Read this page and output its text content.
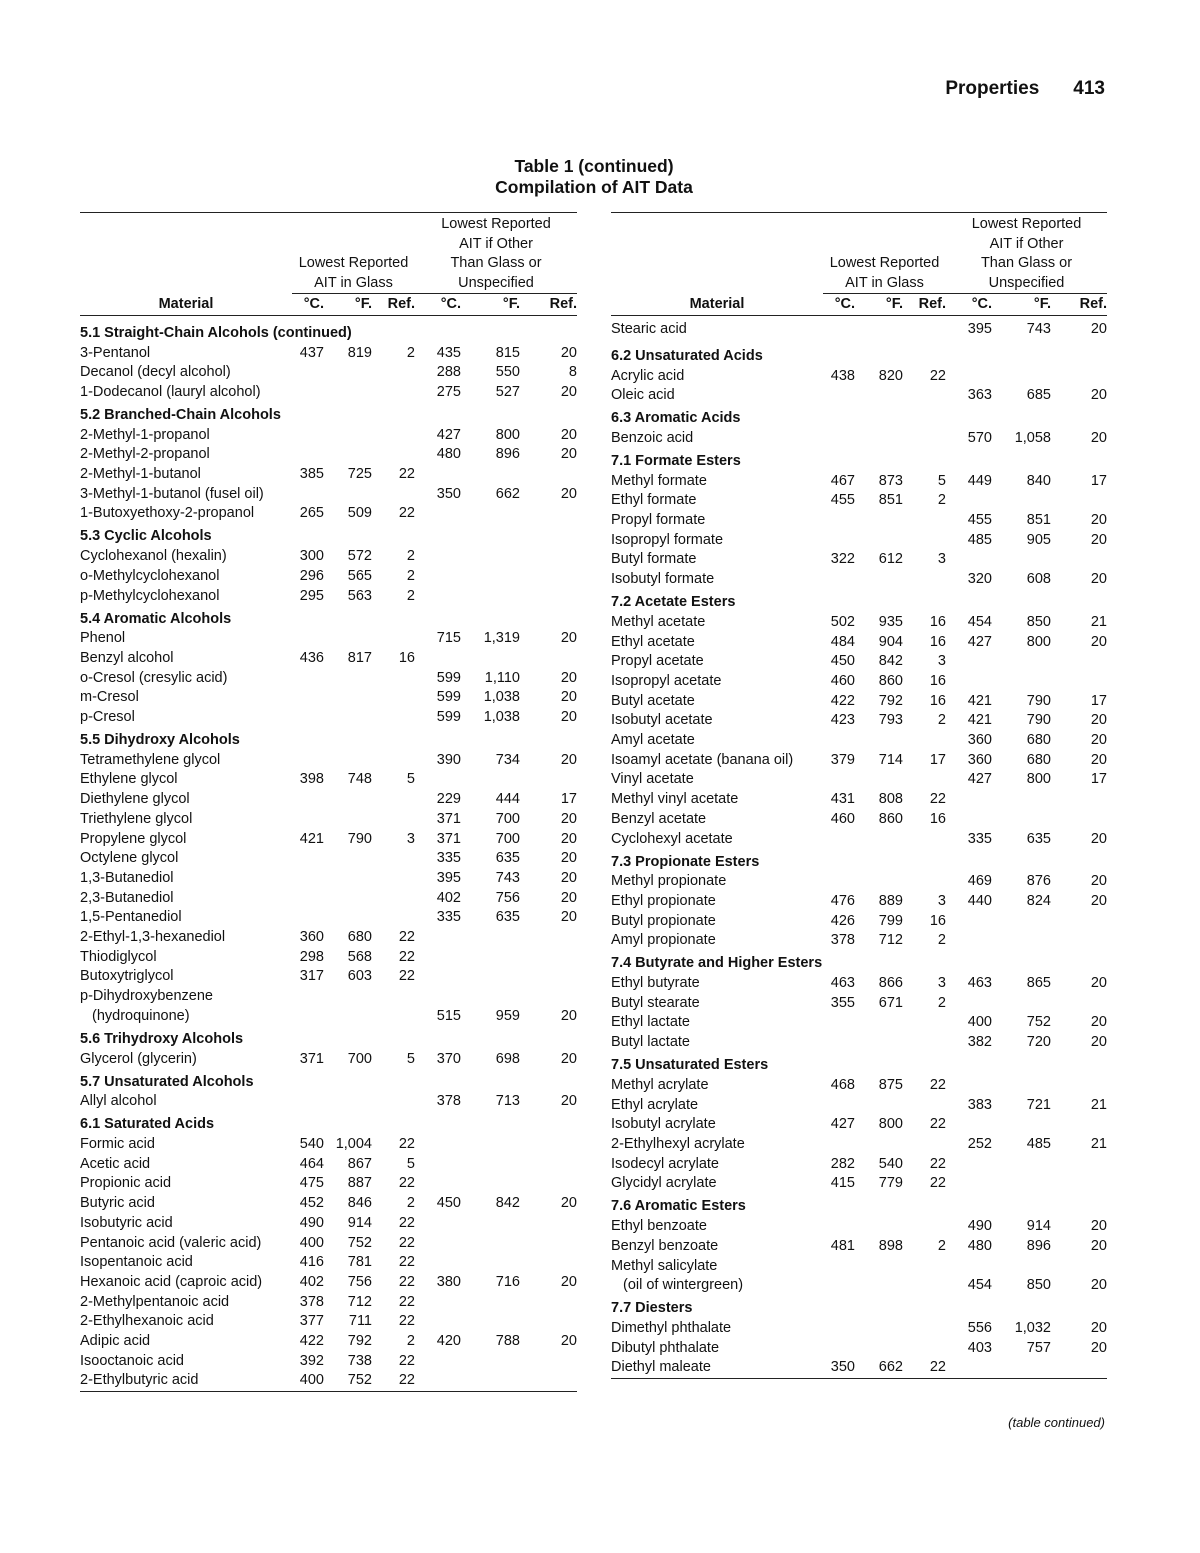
Properties 413
Table 1 (continued)
Compilation of AIT Data

				Lowest Reported		
				AIT if Other		
	Lowest Reported			Than Glass or		
	AIT in Glass			Unspecified		
Material	°C.	°F.	Ref.	°C.	°F.	Ref.
5.1 Straight-Chain Alcohols (continued)						
3-Pentanol	437	819	2	435	815	20
Decanol (decyl alcohol)				288	550	8
1-Dodecanol (lauryl alcohol)				275	527	20
5.2 Branched-Chain Alcohols						
2-Methyl-1-propanol				427	800	20
2-Methyl-2-propanol				480	896	20
2-Methyl-1-butanol	385	725	22			
3-Methyl-1-butanol (fusel oil)				350	662	20
1-Butoxyethoxy-2-propanol	265	509	22			
5.3 Cyclic Alcohols						
Cyclohexanol (hexalin)	300	572	2			
o-Methylcyclohexanol	296	565	2			
p-Methylcyclohexanol	295	563	2			
5.4 Aromatic Alcohols						
Phenol				715	1,319	20
Benzyl alcohol	436	817	16			
o-Cresol (cresylic acid)				599	1,110	20
m-Cresol				599	1,038	20
p-Cresol				599	1,038	20
5.5 Dihydroxy Alcohols						
Tetramethylene glycol				390	734	20
Ethylene glycol	398	748	5			
Diethylene glycol				229	444	17
Triethylene glycol				371	700	20
Propylene glycol	421	790	3	371	700	20
Octylene glycol				335	635	20
1,3-Butanediol				395	743	20
2,3-Butanediol				402	756	20
1,5-Pentanediol				335	635	20
2-Ethyl-1,3-hexanediol	360	680	22			
Thiodiglycol	298	568	22			
Butoxytriglycol	317	603	22			
p-Dihydroxybenzene						
(hydroquinone)				515	959	20
5.6 Trihydroxy Alcohols						
Glycerol (glycerin)	371	700	5	370	698	20
5.7 Unsaturated Alcohols						
Allyl alcohol				378	713	20
6.1 Saturated Acids						
Formic acid	540	1,004	22			
Acetic acid	464	867	5			
Propionic acid	475	887	22			
Butyric acid	452	846	2	450	842	20
Isobutyric acid	490	914	22			
Pentanoic acid (valeric acid)	400	752	22			
Isopentanoic acid	416	781	22			
Hexanoic acid (caproic acid)	402	756	22	380	716	20
2-Methylpentanoic acid	378	712	22			
2-Ethylhexanoic acid	377	711	22			
Adipic acid	422	792	2	420	788	20
Isooctanoic acid	392	738	22			
2-Ethylbutyric acid	400	752	22			

				Lowest Reported		
				AIT if Other		
	Lowest Reported			Than Glass or		
	AIT in Glass			Unspecified		
Material	°C.	°F.	Ref.	°C.	°F.	Ref.
Stearic acid				395	743	20
6.2 Unsaturated Acids						
Acrylic acid	438	820	22			
Oleic acid				363	685	20
6.3 Aromatic Acids						
Benzoic acid				570	1,058	20
7.1 Formate Esters						
Methyl formate	467	873	5	449	840	17
Ethyl formate	455	851	2			
Propyl formate				455	851	20
Isopropyl formate				485	905	20
Butyl formate	322	612	3			
Isobutyl formate				320	608	20
7.2 Acetate Esters						
Methyl acetate	502	935	16	454	850	21
Ethyl acetate	484	904	16	427	800	20
Propyl acetate	450	842	3			
Isopropyl acetate	460	860	16			
Butyl acetate	422	792	16	421	790	17
Isobutyl acetate	423	793	2	421	790	20
Amyl acetate				360	680	20
Isoamyl acetate (banana oil)	379	714	17	360	680	20
Vinyl acetate				427	800	17
Methyl vinyl acetate	431	808	22			
Benzyl acetate	460	860	16			
Cyclohexyl acetate				335	635	20
7.3 Propionate Esters						
Methyl propionate				469	876	20
Ethyl propionate	476	889	3	440	824	20
Butyl propionate	426	799	16			
Amyl propionate	378	712	2			
7.4 Butyrate and Higher Esters						
Ethyl butyrate	463	866	3	463	865	20
Butyl stearate	355	671	2			
Ethyl lactate				400	752	20
Butyl lactate				382	720	20
7.5 Unsaturated Esters						
Methyl acrylate	468	875	22			
Ethyl acrylate				383	721	21
Isobutyl acrylate	427	800	22			
2-Ethylhexyl acrylate				252	485	21
Isodecyl acrylate	282	540	22			
Glycidyl acrylate	415	779	22			
7.6 Aromatic Esters						
Ethyl benzoate				490	914	20
Benzyl benzoate	481	898	2	480	896	20
Methyl salicylate						
(oil of wintergreen)				454	850	20
7.7 Diesters						
Dimethyl phthalate				556	1,032	20
Dibutyl phthalate				403	757	20
Diethyl maleate	350	662	22			

(table continued)
